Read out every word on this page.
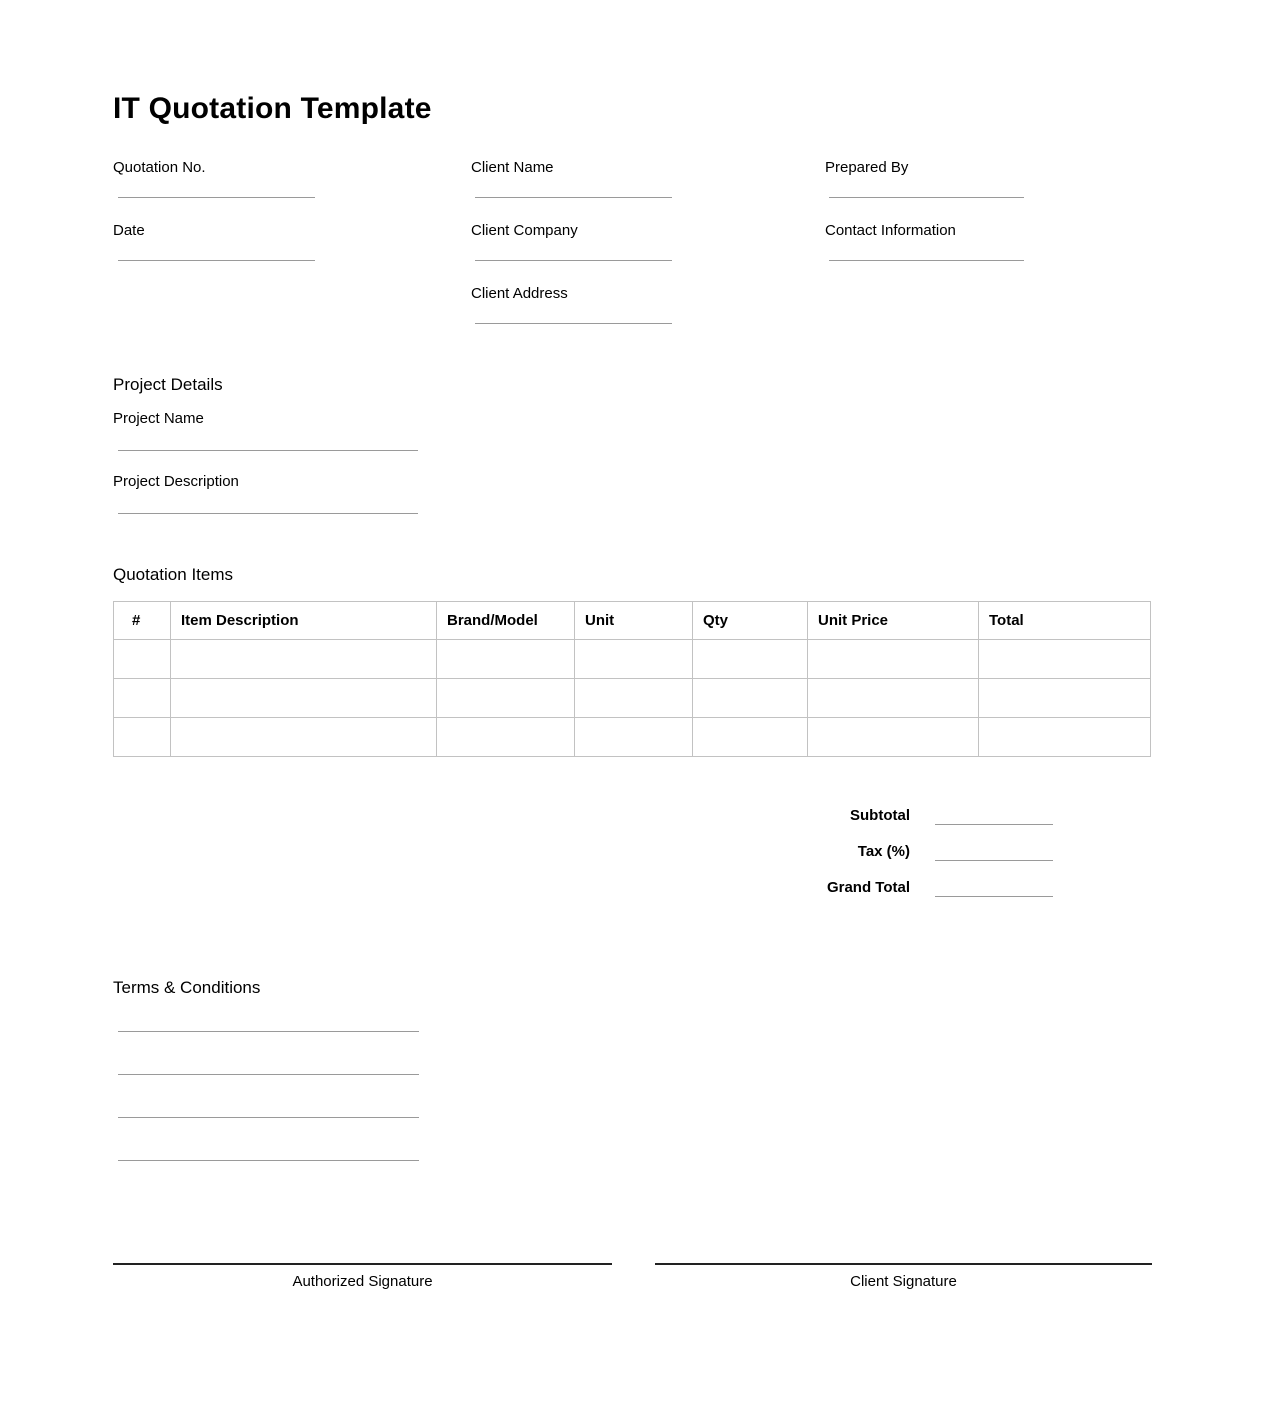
IT Quotation Template
Quotation No.
Date
Client Name
Client Company
Client Address
Prepared By
Contact Information
Project Details
Project Name
Project Description
Quotation Items
#	Item Description	Brand/Model	Unit	Qty	Unit Price	Total

Subtotal
Tax (%)
Grand Total
Terms & Conditions
Authorized Signature	Client Signature
